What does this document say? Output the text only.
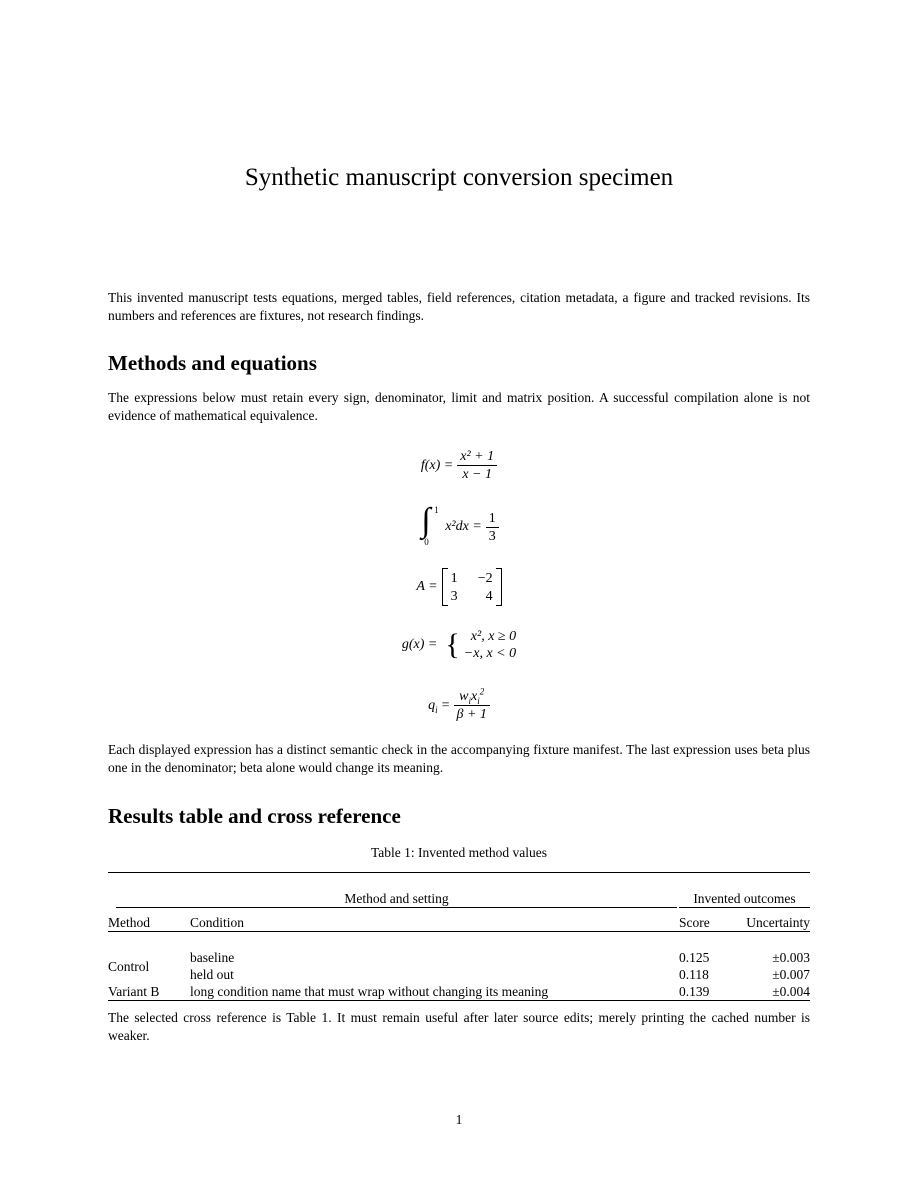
Synthetic manuscript conversion specimen
This invented manuscript tests equations, merged tables, field references, citation metadata, a figure and tracked revisions. Its numbers and references are fixtures, not research findings.
Methods and equations
The expressions below must retain every sign, denominator, limit and matrix position. A successful compilation alone is not evidence of mathematical equivalence.
$f(x) = \frac{\text{x² + 1}}{x - 1}$
∫ 1
0
$x^2dx = \frac{1}{3}$
A =
1	−2
3	4
g(x) = { x², x ≥ 0
−x, x < 0
$q_i = \frac{w_ix_i^2}{\beta + 1}$
Each displayed expression has a distinct semantic check in the accompanying fixture manifest. The last expression uses beta plus one in the denominator; beta alone would change its meaning.
Results table and cross reference
Table 1: Invented method values

Method and setting		Invented outcomes	

Method	Condition	Score	Uncertainty

Control	baseline	0.125	±0.003
	held out	0.118	±0.007
Variant B	long condition name that must wrap without changing its meaning	0.139	±0.004

The selected cross reference is Table 1. It must remain useful after later source edits; merely printing the cached number is weaker.
1
